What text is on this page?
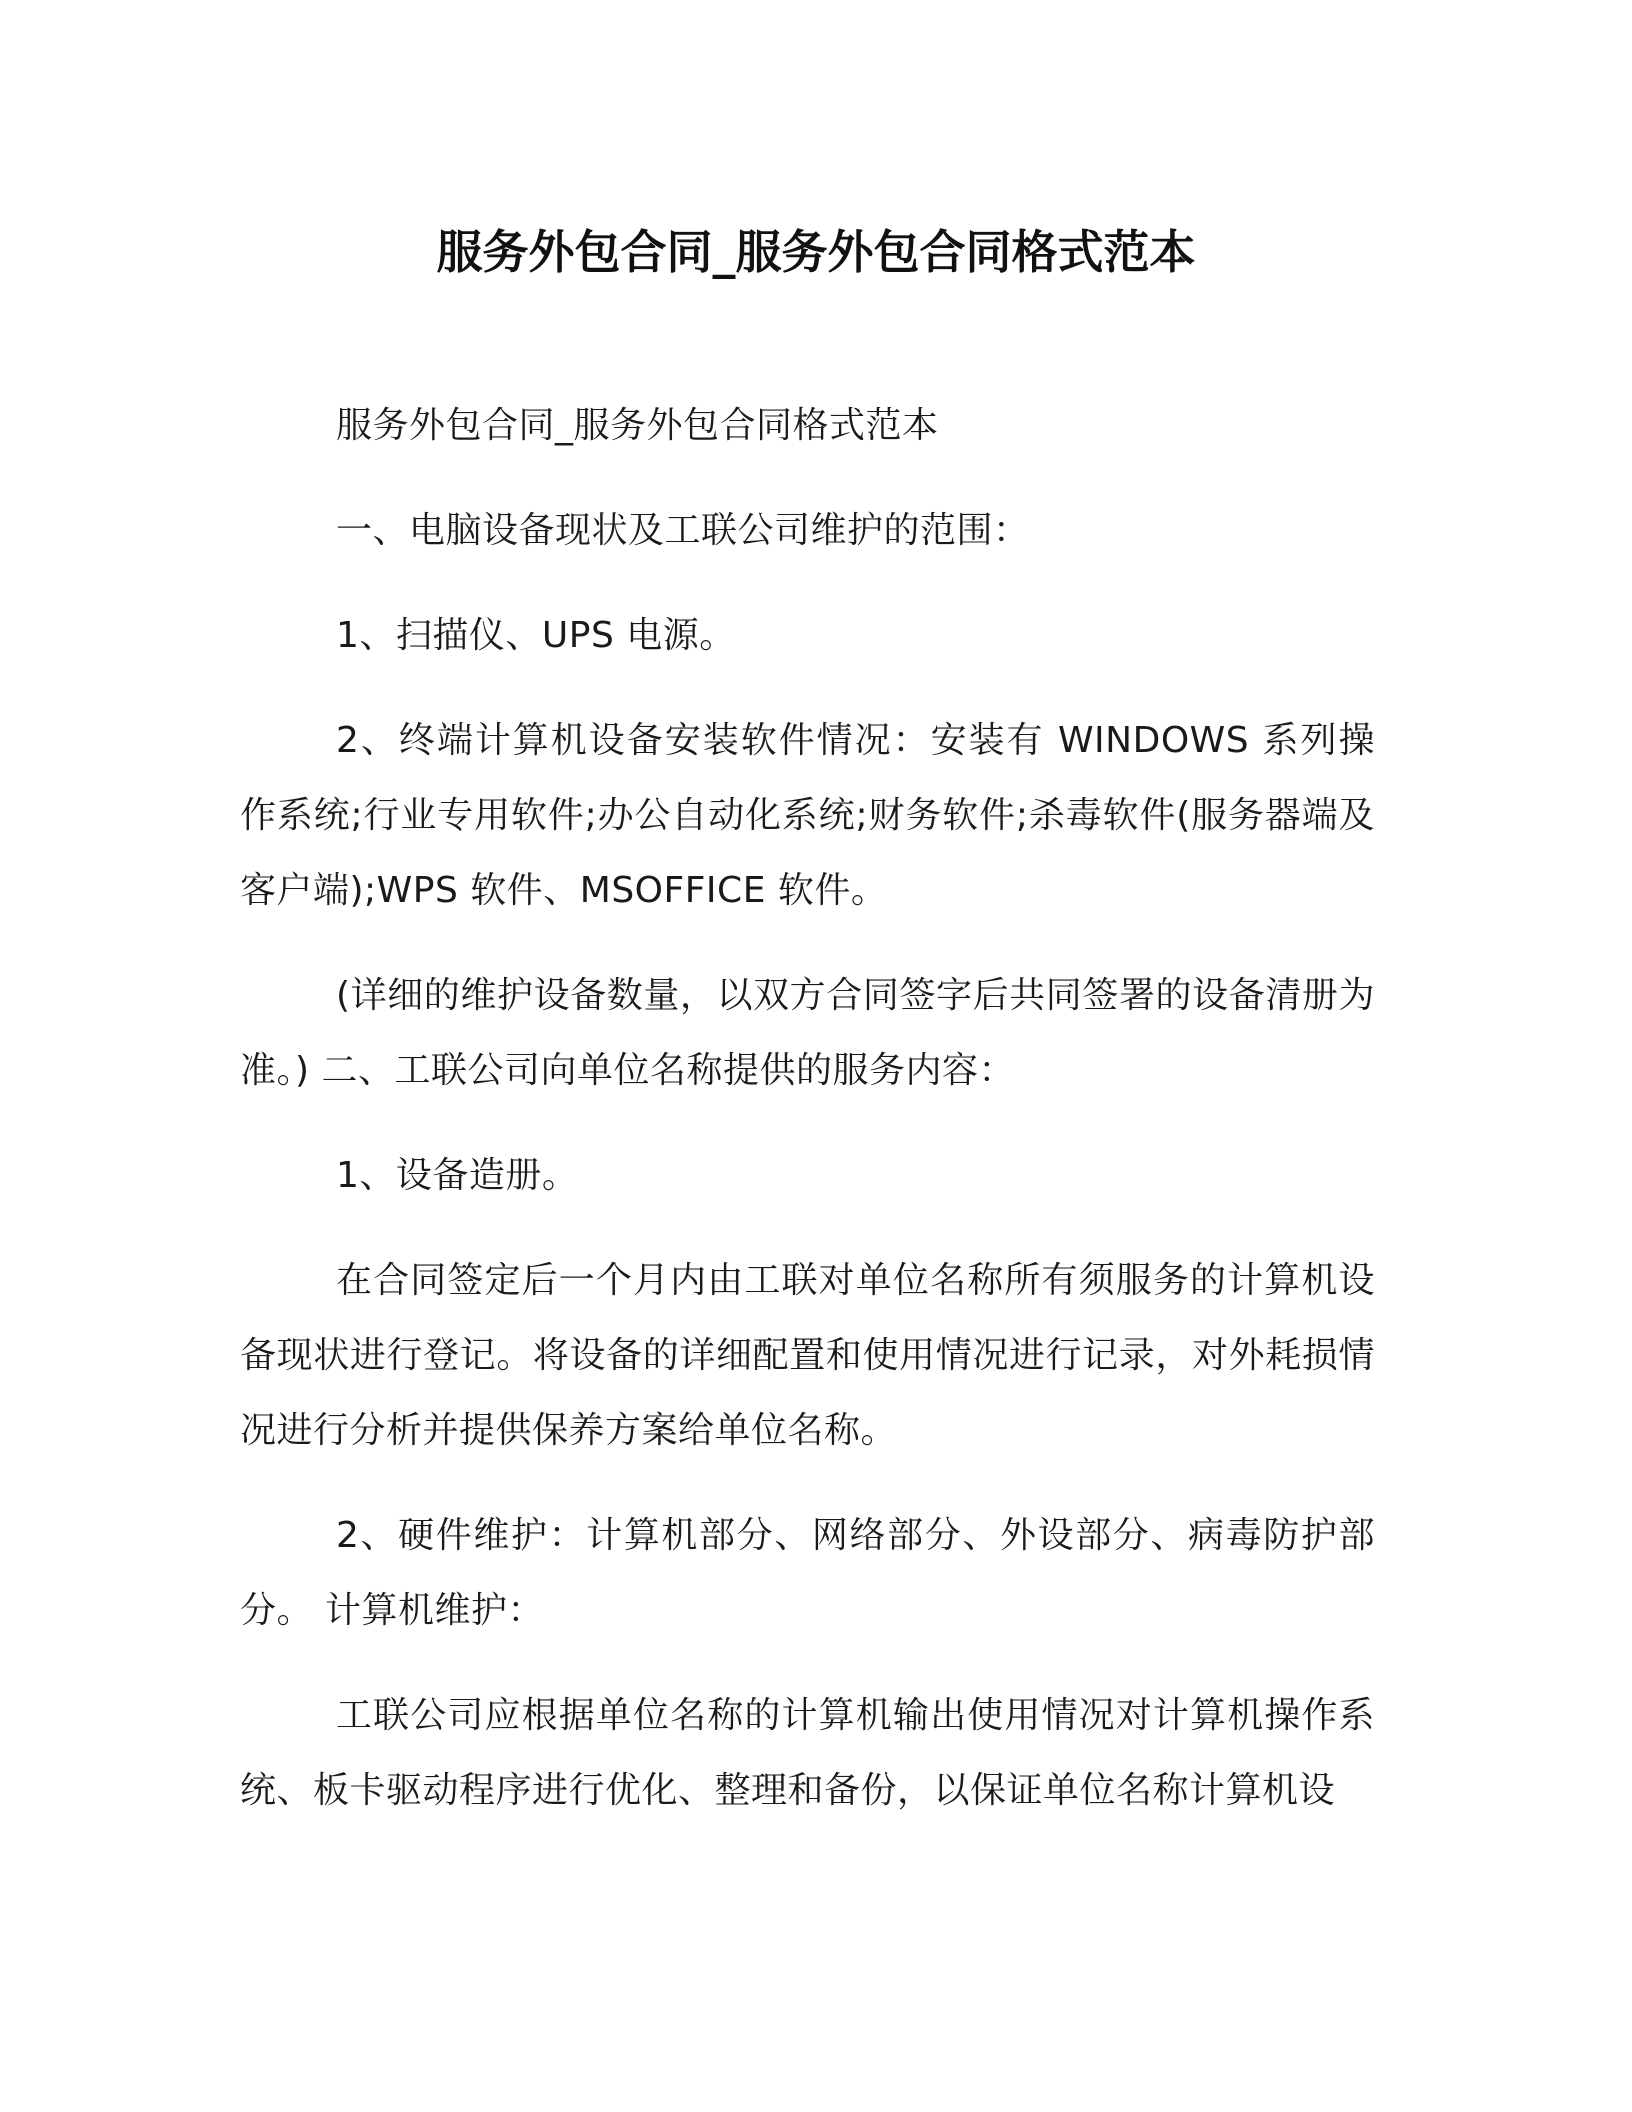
服务外包合同_服务外包合同格式范本

服务外包合同_服务外包合同格式范本

一、电脑设备现状及工联公司维护的范围：

1、扫描仪、UPS 电源。

2、终端计算机设备安装软件情况：安装有 WINDOWS 系列操作系统;行业专用软件;办公自动化系统;财务软件;杀毒软件(服务器端及客户端);WPS 软件、MSOFFICE 软件。

(详细的维护设备数量，以双方合同签字后共同签署的设备清册为准。) 二、工联公司向单位名称提供的服务内容：

1、设备造册。

在合同签定后一个月内由工联对单位名称所有须服务的计算机设备现状进行登记。将设备的详细配置和使用情况进行记录，对外耗损情况进行分析并提供保养方案给单位名称。

2、硬件维护：计算机部分、网络部分、外设部分、病毒防护部分。 计算机维护：

工联公司应根据单位名称的计算机输出使用情况对计算机操作系统、板卡驱动程序进行优化、整理和备份，以保证单位名称计算机设
